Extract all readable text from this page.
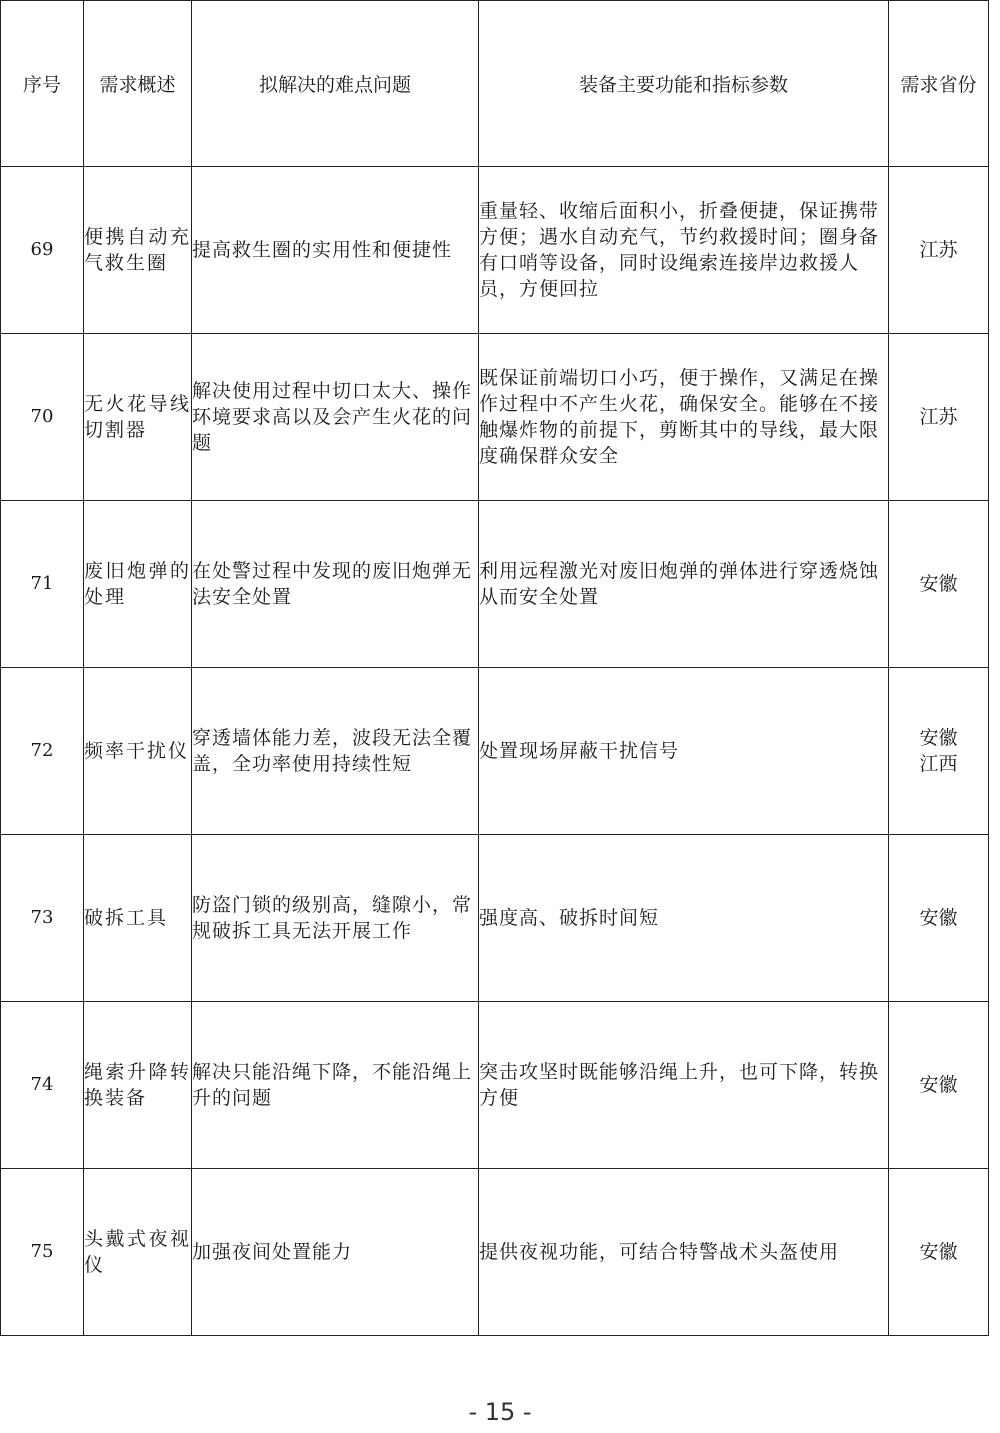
序号	需求概述	拟解决的难点问题	装备主要功能和指标参数	需求省份
69	便携自动充气救生圈	提高救生圈的实用性和便捷性	重量轻、收缩后面积小，折叠便捷，保证携带方便；遇水自动充气，节约救援时间；圈身备有口哨等设备，同时设绳索连接岸边救援人员，方便回拉	江苏

70	无火花导线切割器	解决使用过程中切口太大、操作环境要求高以及会产生火花的问题	既保证前端切口小巧，便于操作，又满足在操作过程中不产生火花，确保安全。能够在不接触爆炸物的前提下，剪断其中的导线，最大限度确保群众安全	江苏

71	废旧炮弹的处理	在处警过程中发现的废旧炮弹无法安全处置	利用远程激光对废旧炮弹的弹体进行穿透烧蚀从而安全处置	安徽

72	频率干扰仪	穿透墙体能力差，波段无法全覆盖，全功率使用持续性短	处置现场屏蔽干扰信号	安徽
江西

73	破拆工具	防盗门锁的级别高，缝隙小，常规破拆工具无法开展工作	强度高、破拆时间短	安徽

74	绳索升降转换装备	解决只能沿绳下降，不能沿绳上升的问题	突击攻坚时既能够沿绳上升，也可下降，转换方便	安徽

75	头戴式夜视仪	加强夜间处置能力	提供夜视功能，可结合特警战术头盔使用	安徽
- 15 -
